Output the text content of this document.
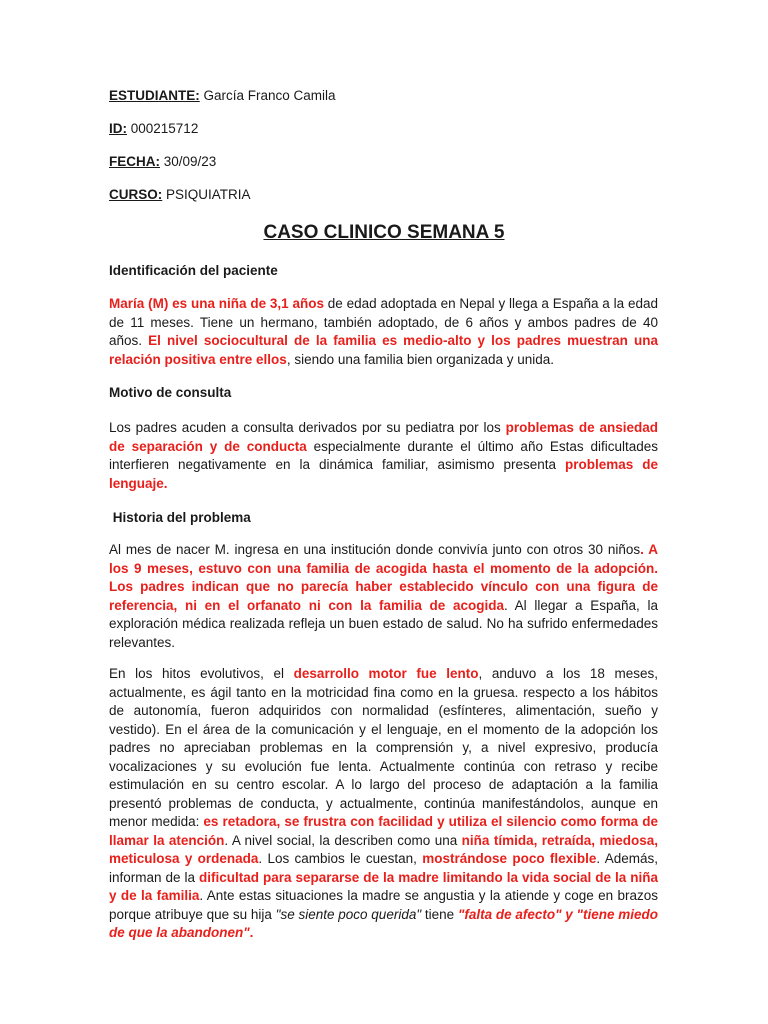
ESTUDIANTE: García Franco Camila
ID: 000215712
FECHA: 30/09/23
CURSO: PSIQUIATRIA
CASO CLINICO SEMANA 5
Identificación del paciente
María (M) es una niña de 3,1 años de edad adoptada en Nepal y llega a España a la edad de 11 meses. Tiene un hermano, también adoptado, de 6 años y ambos padres de 40 años. El nivel sociocultural de la familia es medio-alto y los padres muestran una relación positiva entre ellos, siendo una familia bien organizada y unida.
Motivo de consulta
Los padres acuden a consulta derivados por su pediatra por los problemas de ansiedad de separación y de conducta especialmente durante el último año Estas dificultades interfieren negativamente en la dinámica familiar, asimismo presenta problemas de lenguaje.
Historia del problema
Al mes de nacer M. ingresa en una institución donde convivía junto con otros 30 niños. A los 9 meses, estuvo con una familia de acogida hasta el momento de la adopción. Los padres indican que no parecía haber establecido vínculo con una figura de referencia, ni en el orfanato ni con la familia de acogida. Al llegar a España, la exploración médica realizada refleja un buen estado de salud. No ha sufrido enfermedades relevantes.
En los hitos evolutivos, el desarrollo motor fue lento, anduvo a los 18 meses, actualmente, es ágil tanto en la motricidad fina como en la gruesa. respecto a los hábitos de autonomía, fueron adquiridos con normalidad (esfínteres, alimentación, sueño y vestido). En el área de la comunicación y el lenguaje, en el momento de la adopción los padres no apreciaban problemas en la comprensión y, a nivel expresivo, producía vocalizaciones y su evolución fue lenta. Actualmente continúa con retraso y recibe estimulación en su centro escolar. A lo largo del proceso de adaptación a la familia presentó problemas de conducta, y actualmente, continúa manifestándolos, aunque en menor medida: es retadora, se frustra con facilidad y utiliza el silencio como forma de llamar la atención. A nivel social, la describen como una niña tímida, retraída, miedosa, meticulosa y ordenada. Los cambios le cuestan, mostrándose poco flexible. Además, informan de la dificultad para separarse de la madre limitando la vida social de la niña y de la familia. Ante estas situaciones la madre se angustia y la atiende y coge en brazos porque atribuye que su hija "se siente poco querida" tiene "falta de afecto" y "tiene miedo de que la abandonen".
